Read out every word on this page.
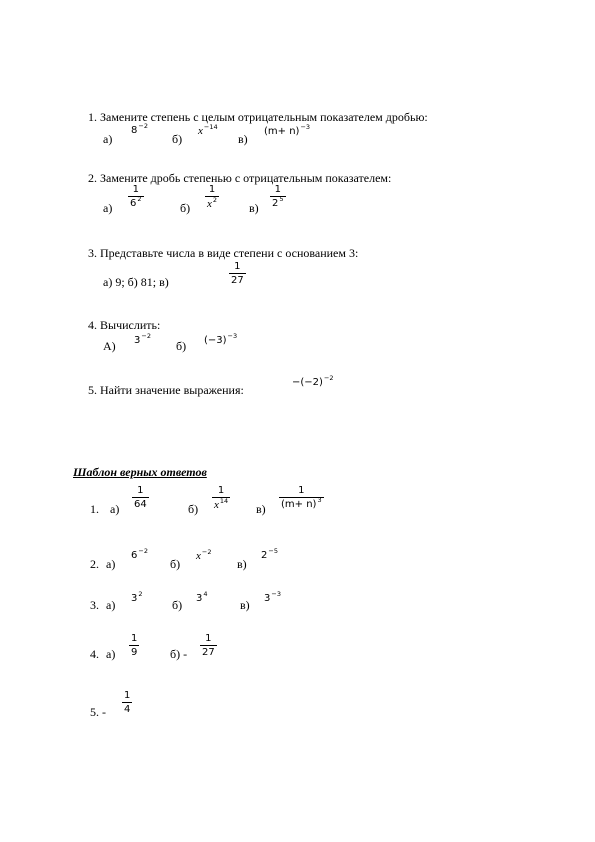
1. Замените степень с целым отрицательным показателем дробью:
а)
$8^{-2}$
б)
$x^{-14}$
в)
$(m+ n)^{-3}$
2. Замените дробь степенью с отрицательным показателем:
$а) \frac{1}{6^2}$	$б) \frac{1}{x^2} в) \frac{1}{2^5}$
3. Представьте числа в виде степени с основанием 3:
а) 9; б) 81; в)	$\frac{1}{27}$
4. Вычислить:
А) $3^{-2}$
б) $(-3)^{-3}$
5. Найти значение выражения:
$-(-2)^{-2}$
Шаблон верных ответов
1. $а) \frac{1}{64}$	$б) \frac{1}{x^{14}} в) \frac{1}{(m+ n)^3}$
2. а)
$6^{-2}$
б)
$x^{-2}$
в)
$2^{-5}$
3. а) $3^2$
б) $3^4$
в) $3^{-3}$
4. $а) \frac{1}{9}$	$б) - \frac{1}{27}$
5. - $\frac{1}{4}$
